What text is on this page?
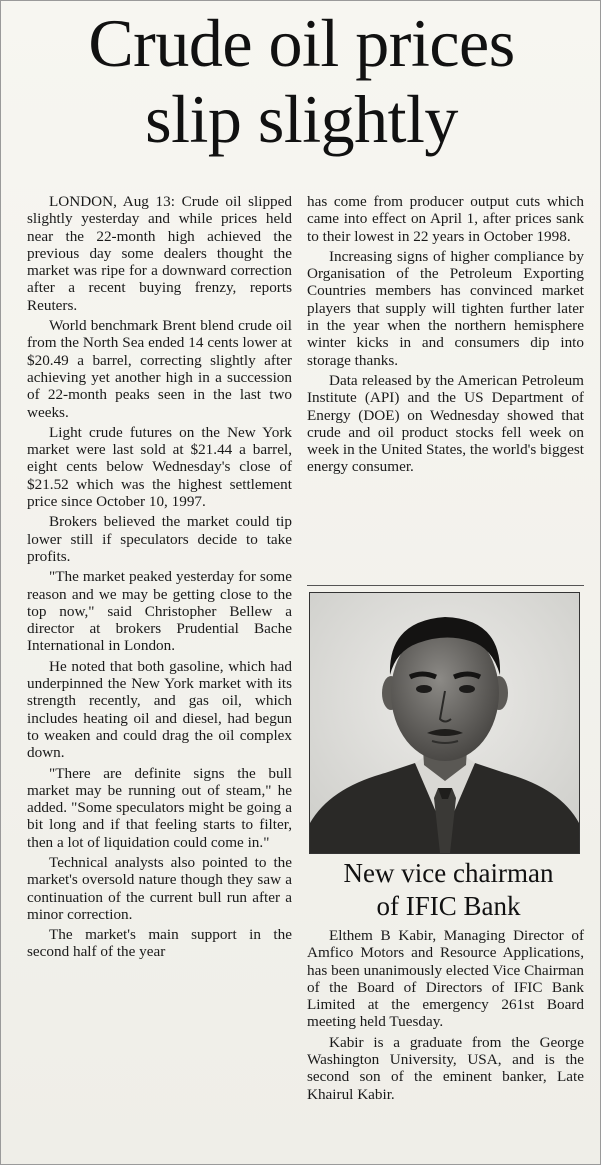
Crude oil prices
slip slightly

LONDON, Aug 13: Crude oil slipped slightly yesterday and while prices held near the 22-month high achieved the previous day some dealers thought the market was ripe for a downward correction after a recent buying frenzy, reports Reuters.

World benchmark Brent blend crude oil from the North Sea ended 14 cents lower at $20.49 a barrel, correcting slightly after achieving yet another high in a succession of 22-month peaks seen in the last two weeks.

Light crude futures on the New York market were last sold at $21.44 a barrel, eight cents below Wednesday's close of $21.52 which was the highest settlement price since October 10, 1997.

Brokers believed the market could tip lower still if speculators decide to take profits.

"The market peaked yesterday for some reason and we may be getting close to the top now," said Christopher Bellew a director at brokers Prudential Bache International in London.

He noted that both gasoline, which had underpinned the New York market with its strength recently, and gas oil, which includes heating oil and diesel, had begun to weaken and could drag the oil complex down.

"There are definite signs the bull market may be running out of steam," he added. "Some speculators might be going a bit long and if that feeling starts to filter, then a lot of liquidation could come in."

Technical analysts also pointed to the market's oversold nature though they saw a continuation of the current bull run after a minor correction.

The market's main support in the second half of the year

has come from producer output cuts which came into effect on April 1, after prices sank to their lowest in 22 years in October 1998.

Increasing signs of higher compliance by Organisation of the Petroleum Exporting Countries members has convinced market players that supply will tighten further later in the year when the northern hemisphere winter kicks in and consumers dip into storage thanks.

Data released by the American Petroleum Institute (API) and the US Department of Energy (DOE) on Wednesday showed that crude and oil product stocks fell week on week in the United States, the world's biggest energy consumer.

New vice chairman
of IFIC Bank

Elthem B Kabir, Managing Director of Amfico Motors and Resource Applications, has been unanimously elected Vice Chairman of the Board of Directors of IFIC Bank Limited at the emergency 261st Board meeting held Tuesday.

Kabir is a graduate from the George Washington University, USA, and is the second son of the eminent banker, Late Khairul Kabir.
